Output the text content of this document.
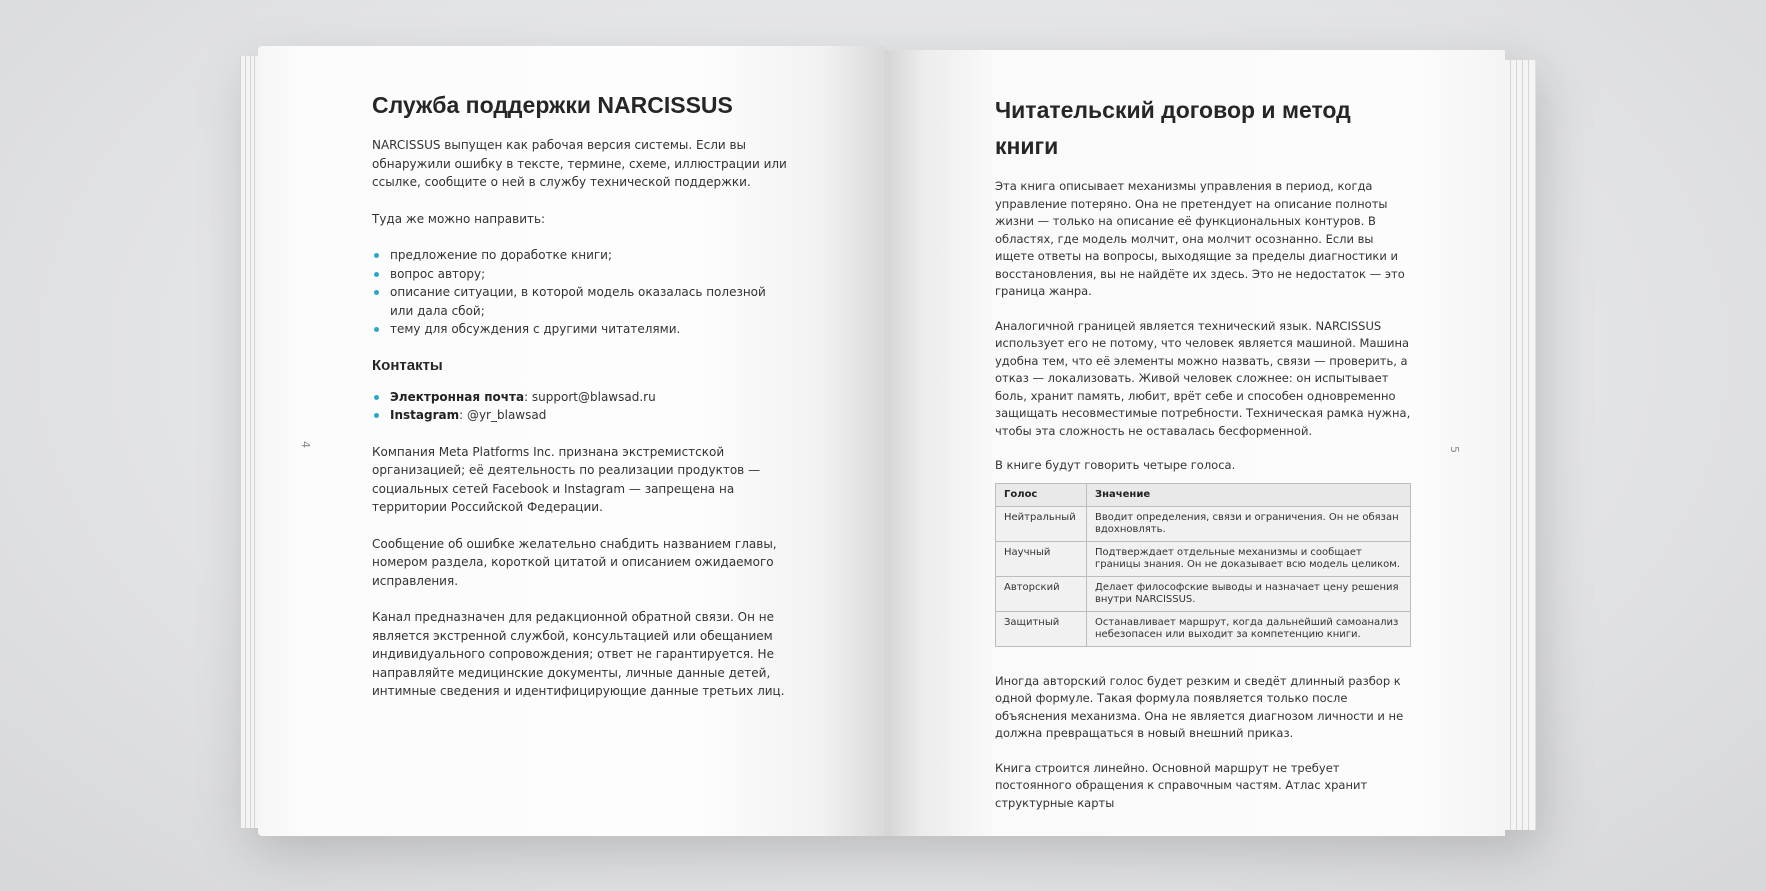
4
Служба поддержки NARCISSUS

NARCISSUS выпущен как рабочая версия системы. Если вы обнаружили ошибку в тексте, термине, схеме, иллюстрации или ссылке, сообщите о ней в службу технической поддержки.

Туда же можно направить:

предложение по доработке книги;
вопрос автору;
описание ситуации, в которой модель оказалась полезной или дала сбой;
тему для обсуждения с другими читателями.
Контакты
Электронная почта: support@blawsad.ru
Instagram: @yr_blawsad

Компания Meta Platforms Inc. признана экстремистской организацией; её деятельность по реализации продуктов — социальных сетей Facebook и Instagram — запрещена на территории Российской Федерации.

Сообщение об ошибке желательно снабдить названием главы, номером раздела, короткой цитатой и описанием ожидаемого исправления.

Канал предназначен для редакционной обратной связи. Он не является экстренной службой, консультацией или обещанием индивидуального сопровождения; ответ не гарантируется. Не направляйте медицинские документы, личные данные детей, интимные сведения и идентифицирующие данные третьих лиц.

5
Читательский договор и метод книги

Эта книга описывает механизмы управления в период, когда управление потеряно. Она не претендует на описание полноты жизни — только на описание её функциональных контуров. В областях, где модель молчит, она молчит осознанно. Если вы ищете ответы на вопросы, выходящие за пределы диагностики и восстановления, вы не найдёте их здесь. Это не недостаток — это граница жанра.

Аналогичной границей является технический язык. NARCISSUS использует его не потому, что человек является машиной. Машина удобна тем, что её элементы можно назвать, связи — проверить, а отказ — локализовать. Живой человек сложнее: он испытывает боль, хранит память, любит, врёт себе и способен одновременно защищать несовместимые потребности. Техническая рамка нужна, чтобы эта сложность не оставалась бесформенной.

В книге будут говорить четыре голоса.

Голос	Значение
Нейтральный	Вводит определения, связи и ограничения. Он не обязан вдохновлять.
Научный	Подтверждает отдельные механизмы и сообщает границы знания. Он не доказывает всю модель целиком.
Авторский	Делает философские выводы и назначает цену решения внутри NARCISSUS.
Защитный	Останавливает маршрут, когда дальнейший самоанализ небезопасен или выходит за компетенцию книги.

Иногда авторский голос будет резким и сведёт длинный разбор к одной формуле. Такая формула появляется только после объяснения механизма. Она не является диагнозом личности и не должна превращаться в новый внешний приказ.

Книга строится линейно. Основной маршрут не требует постоянного обращения к справочным частям. Атлас хранит структурные карты
